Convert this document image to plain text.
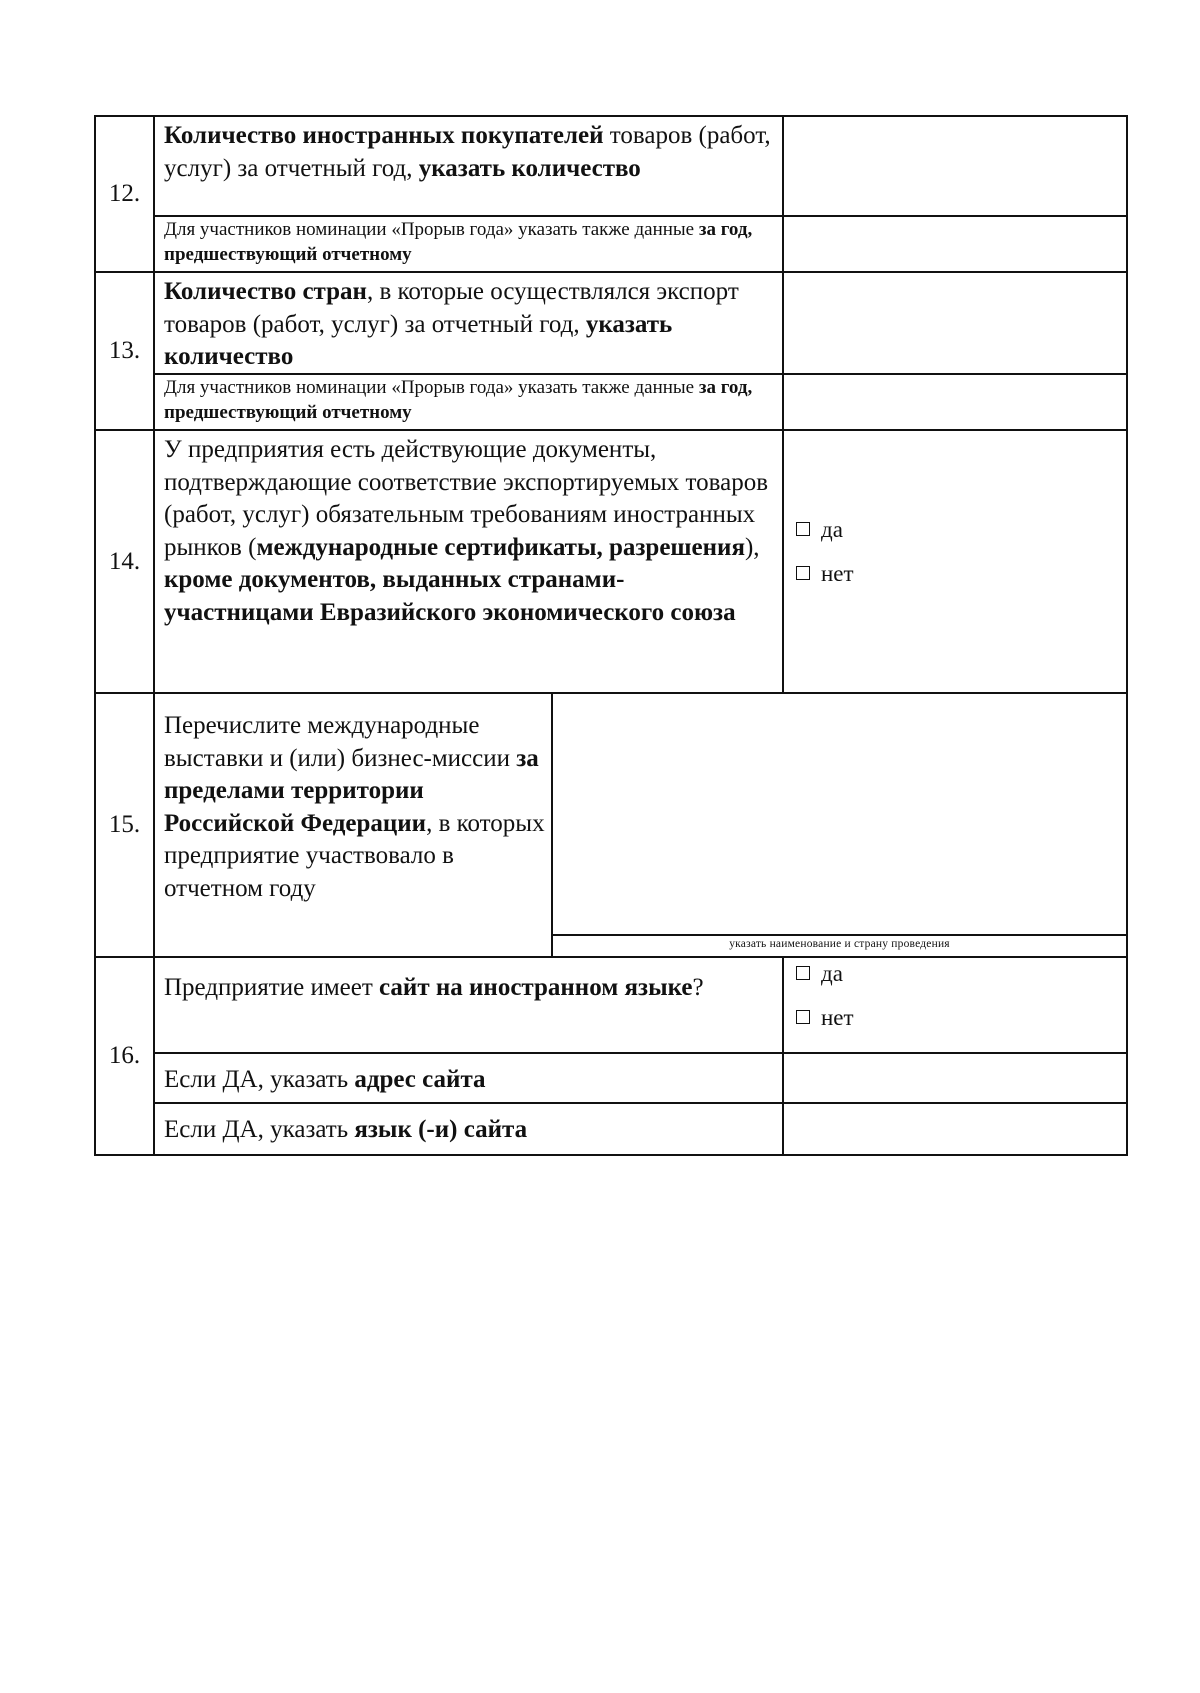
12.
Количество иностранных покупателей товаров (работ, услуг) за отчетный год, указать количество
Для участников номинации «Прорыв года» указать также данные за год, предшествующий отчетному
13.
Количество стран, в которые осуществлялся экспорт товаров (работ, услуг) за отчетный год, указать количество
Для участников номинации «Прорыв года» указать также данные за год, предшествующий отчетному
14.
У предприятия есть действующие документы, подтверждающие соответствие экспортируемых товаров (работ, услуг) обязательным требованиям иностранных рынков (международные сертификаты, разрешения), кроме документов, выданных странами-участницами Евразийского экономического союза
да
нет
15.
Перечислите международные выставки и (или) бизнес-миссии за пределами территории Российской Федерации, в которых предприятие участвовало в отчетном году
указать наименование и страну проведения
16.
Предприятие имеет сайт на иностранном языке?
да
нет
Если ДА, указать адрес сайта
Если ДА, указать язык (-и) сайта
